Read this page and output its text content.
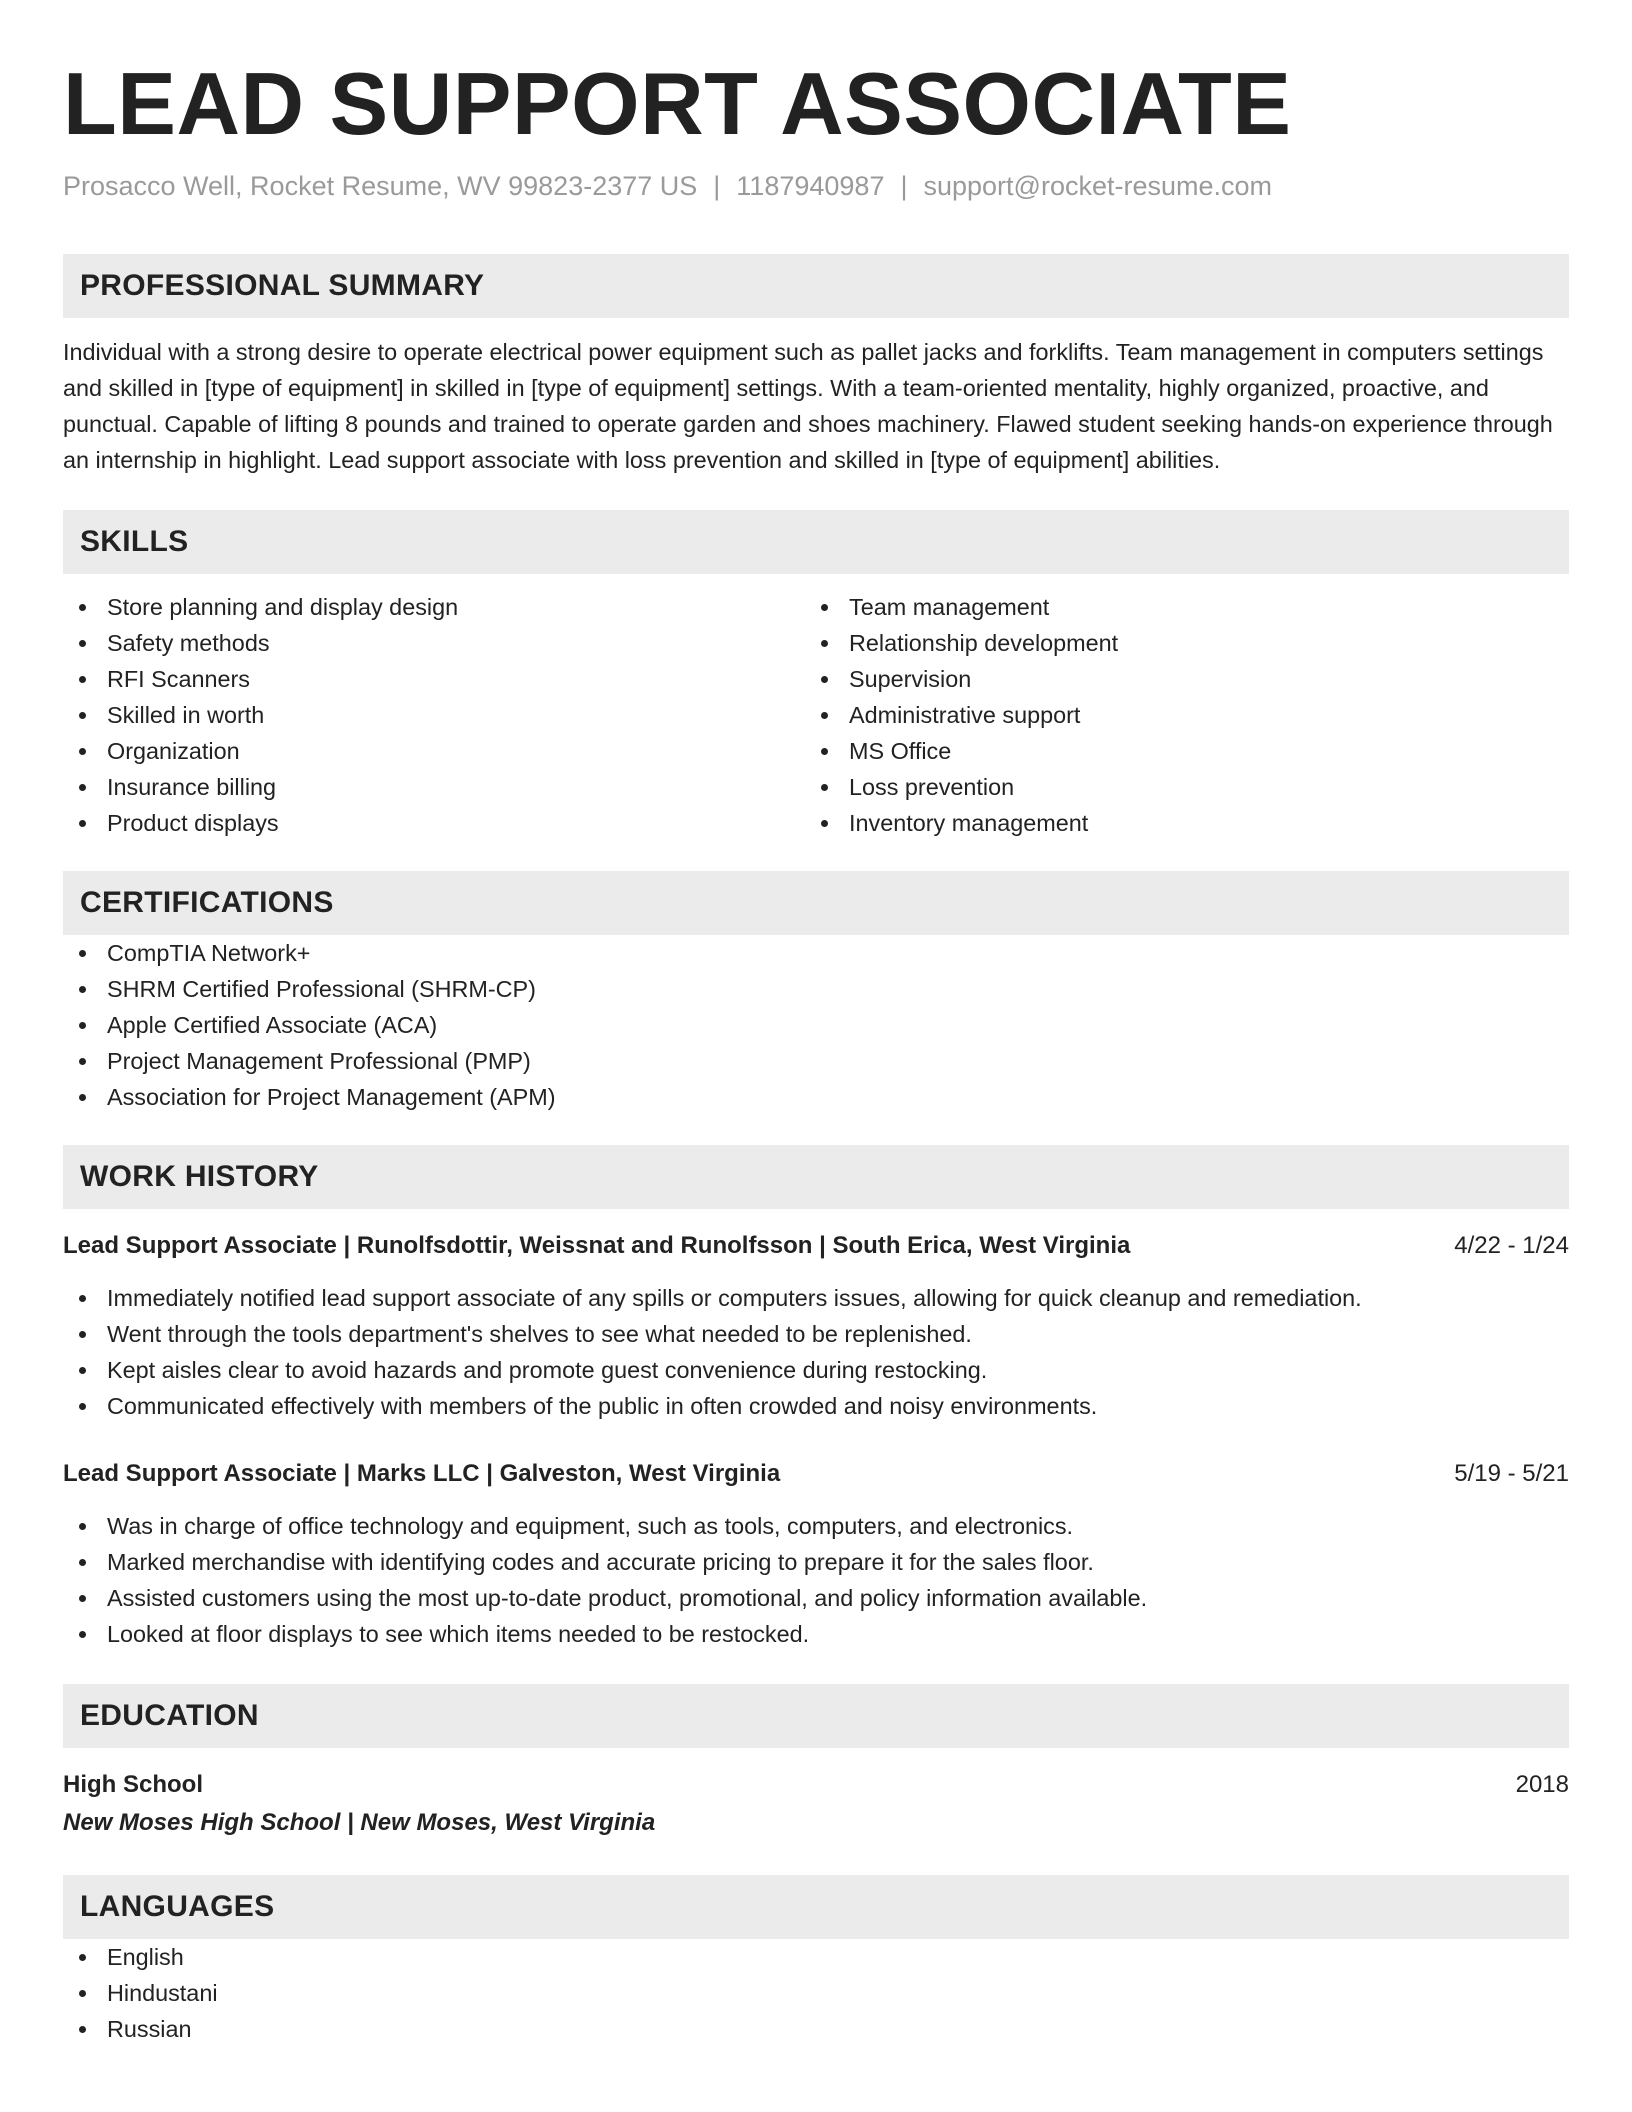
LEAD SUPPORT ASSOCIATE
Prosacco Well, Rocket Resume, WV 99823-2377 US | 1187940987 | support@rocket-resume.com
PROFESSIONAL SUMMARY
Individual with a strong desire to operate electrical power equipment such as pallet jacks and forklifts. Team management in computers settings and skilled in [type of equipment] in skilled in [type of equipment] settings. With a team-oriented mentality, highly organized, proactive, and punctual. Capable of lifting 8 pounds and trained to operate garden and shoes machinery. Flawed student seeking hands-on experience through an internship in highlight. Lead support associate with loss prevention and skilled in [type of equipment] abilities.
SKILLS
Store planning and display design
Safety methods
RFI Scanners
Skilled in worth
Organization
Insurance billing
Product displays
Team management
Relationship development
Supervision
Administrative support
MS Office
Loss prevention
Inventory management
CERTIFICATIONS
CompTIA Network+
SHRM Certified Professional (SHRM-CP)
Apple Certified Associate (ACA)
Project Management Professional (PMP)
Association for Project Management (APM)
WORK HISTORY
Lead Support Associate | Runolfsdottir, Weissnat and Runolfsson | South Erica, West Virginia	4/22 - 1/24
Immediately notified lead support associate of any spills or computers issues, allowing for quick cleanup and remediation.
Went through the tools department's shelves to see what needed to be replenished.
Kept aisles clear to avoid hazards and promote guest convenience during restocking.
Communicated effectively with members of the public in often crowded and noisy environments.
Lead Support Associate | Marks LLC | Galveston, West Virginia	5/19 - 5/21
Was in charge of office technology and equipment, such as tools, computers, and electronics.
Marked merchandise with identifying codes and accurate pricing to prepare it for the sales floor.
Assisted customers using the most up-to-date product, promotional, and policy information available.
Looked at floor displays to see which items needed to be restocked.
EDUCATION
High School	2018
New Moses High School | New Moses, West Virginia
LANGUAGES
English
Hindustani
Russian
